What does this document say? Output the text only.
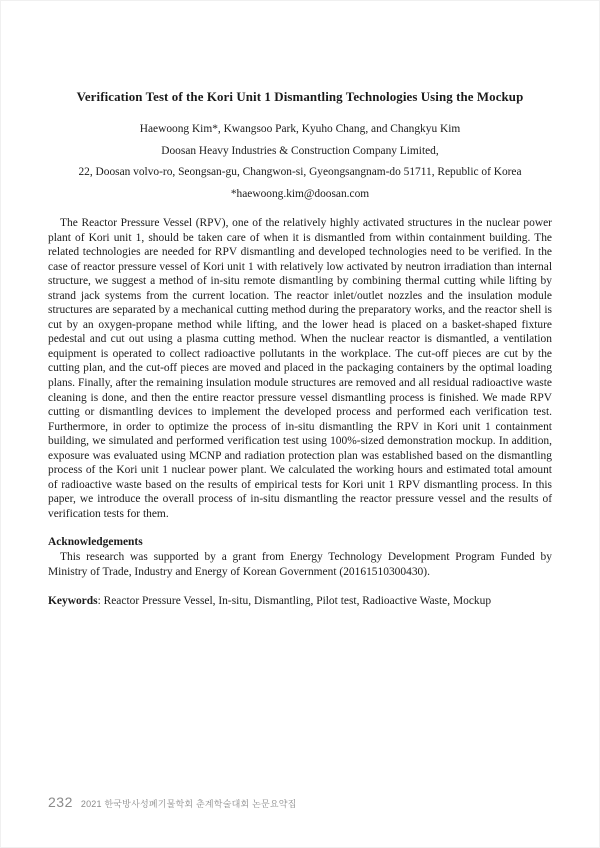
Verification Test of the Kori Unit 1 Dismantling Technologies Using the Mockup
Haewoong Kim*, Kwangsoo Park, Kyuho Chang, and Changkyu Kim
Doosan Heavy Industries & Construction Company Limited,
22, Doosan volvo-ro, Seongsan-gu, Changwon-si, Gyeongsangnam-do 51711, Republic of Korea
*haewoong.kim@doosan.com

The Reactor Pressure Vessel (RPV), one of the relatively highly activated structures in the nuclear power plant of Kori unit 1, should be taken care of when it is dismantled from within containment building. The related technologies are needed for RPV dismantling and developed technologies need to be verified. In the case of reactor pressure vessel of Kori unit 1 with relatively low activated by neutron irradiation than internal structure, we suggest a method of in-situ remote dismantling by combining thermal cutting while lifting by strand jack systems from the current location. The reactor inlet/outlet nozzles and the insulation module structures are separated by a mechanical cutting method during the preparatory works, and the reactor shell is cut by an oxygen-propane method while lifting, and the lower head is placed on a basket-shaped fixture pedestal and cut out using a plasma cutting method. When the nuclear reactor is dismantled, a ventilation equipment is operated to collect radioactive pollutants in the workplace. The cut-off pieces are cut by the cutting plan, and the cut-off pieces are moved and placed in the packaging containers by the optimal loading plans. Finally, after the remaining insulation module structures are removed and all residual radioactive waste cleaning is done, and then the entire reactor pressure vessel dismantling process is finished. We made RPV cutting or dismantling devices to implement the developed process and performed each verification test. Furthermore, in order to optimize the process of in-situ dismantling the RPV in Kori unit 1 containment building, we simulated and performed verification test using 100%-sized demonstration mockup. In addition, exposure was evaluated using MCNP and radiation protection plan was established based on the dismantling process of the Kori unit 1 nuclear power plant. We calculated the working hours and estimated total amount of radioactive waste based on the results of empirical tests for Kori unit 1 RPV dismantling process. In this paper, we introduce the overall process of in-situ dismantling the reactor pressure vessel and the results of verification tests for them.

Acknowledgements

This research was supported by a grant from Energy Technology Development Program Funded by Ministry of Trade, Industry and Energy of Korean Government (20161510300430).

Keywords: Reactor Pressure Vessel, In-situ, Dismantling, Pilot test, Radioactive Waste, Mockup

232 2021 한국방사성폐기물학회 춘계학술대회 논문요약집
